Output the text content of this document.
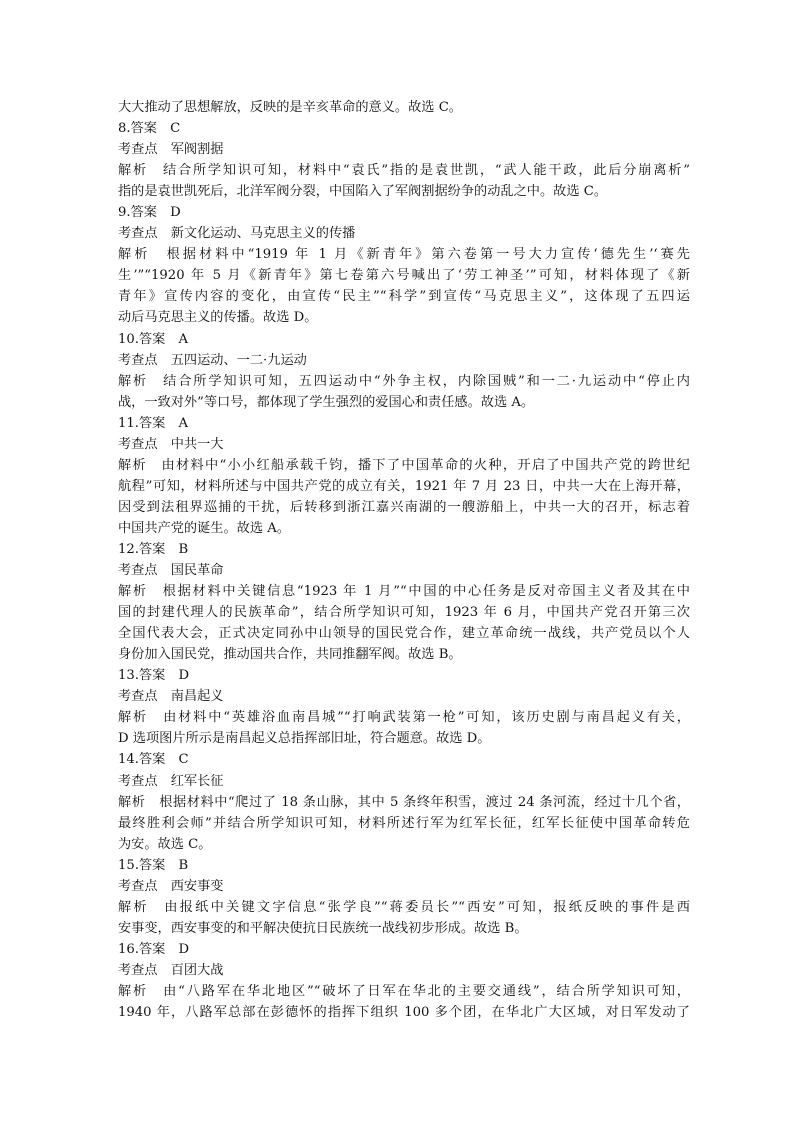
大大推动了思想解放，反映的是辛亥革命的意义。故选 C。
8.答案　C
考查点　军阀割据
解析　结合所学知识可知，材料中“袁氏”指的是袁世凯，“武人能干政，此后分崩离析”
指的是袁世凯死后，北洋军阀分裂，中国陷入了军阀割据纷争的动乱之中。故选 C。
9.答案　D
考查点　新文化运动、马克思主义的传播
解析　根据材料中“1919 年 1 月《新青年》第六卷第一号大力宣传‘德先生’‘赛先
生’”“1920 年 5 月《新青年》第七卷第六号喊出了‘劳工神圣’”可知，材料体现了《新
青年》宣传内容的变化，由宣传“民主”“科学”到宣传“马克思主义”，这体现了五四运
动后马克思主义的传播。故选 D。
10.答案　A
考查点　五四运动、一二·九运动
解析　结合所学知识可知，五四运动中“外争主权，内除国贼”和一二·九运动中“停止内
战，一致对外”等口号，都体现了学生强烈的爱国心和责任感。故选 A。
11.答案　A
考查点　中共一大
解析　由材料中“小小红船承载千钧，播下了中国革命的火种，开启了中国共产党的跨世纪
航程”可知，材料所述与中国共产党的成立有关，1921 年 7 月 23 日，中共一大在上海开幕，
因受到法租界巡捕的干扰，后转移到浙江嘉兴南湖的一艘游船上，中共一大的召开，标志着
中国共产党的诞生。故选 A。
12.答案　B
考查点　国民革命
解析　根据材料中关键信息“1923 年 1 月”“中国的中心任务是反对帝国主义者及其在中
国的封建代理人的民族革命”，结合所学知识可知，1923 年 6 月，中国共产党召开第三次
全国代表大会，正式决定同孙中山领导的国民党合作，建立革命统一战线，共产党员以个人
身份加入国民党，推动国共合作，共同推翻军阀。故选 B。
13.答案　D
考查点　南昌起义
解析　由材料中“英雄浴血南昌城”“打响武装第一枪”可知，该历史剧与南昌起义有关，
D 选项图片所示是南昌起义总指挥部旧址，符合题意。故选 D。
14.答案　C
考查点　红军长征
解析　根据材料中“爬过了 18 条山脉，其中 5 条终年积雪，渡过 24 条河流，经过十几个省，
最终胜利会师”并结合所学知识可知，材料所述行军为红军长征，红军长征使中国革命转危
为安。故选 C。
15.答案　B
考查点　西安事变
解析　由报纸中关键文字信息“张学良”“蒋委员长”“西安”可知，报纸反映的事件是西
安事变，西安事变的和平解决使抗日民族统一战线初步形成。故选 B。
16.答案　D
考查点　百团大战
解析　由“八路军在华北地区”“破坏了日军在华北的主要交通线”，结合所学知识可知，
1940 年，八路军总部在彭德怀的指挥下组织 100 多个团，在华北广大区域，对日军发动了
